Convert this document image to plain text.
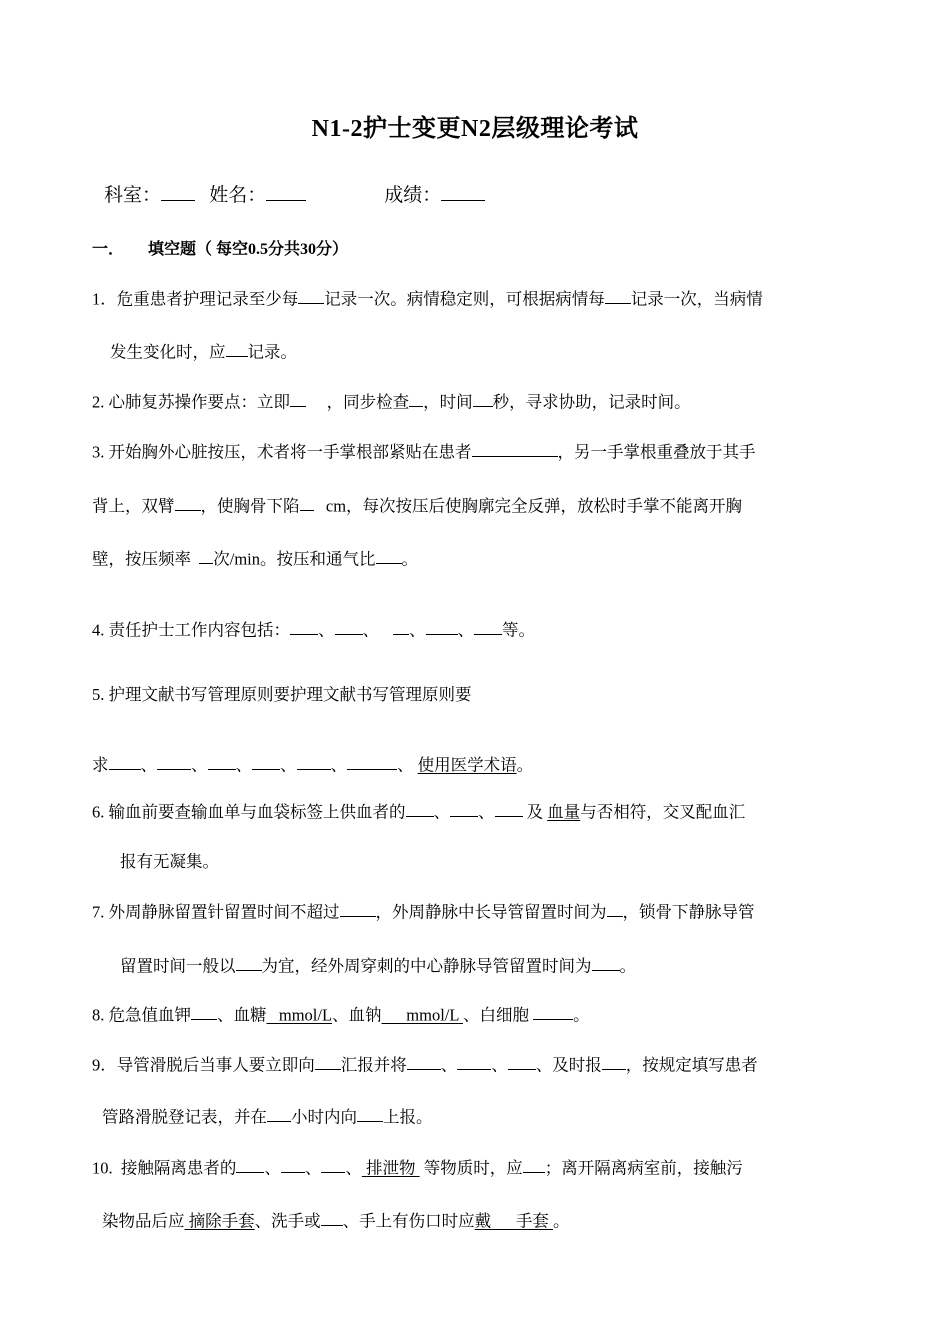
N1-2护士变更N2层级理论考试
科室：	姓名：	成绩：
一．      填空题（ 每空0.5分共30分）
1．危重患者护理记录至少每 记录一次。病情稳定则，可根据病情每 记录一次，当病情
发生变化时，应 记录。
2. 心肺复苏操作要点：立即     ，同步检查 ，时间 秒，寻求协助，记录时间。
3. 开始胸外心脏按压，术者将一手掌根部紧贴在患者	，另一手掌根重叠放于其手
背上，双臂 ，使胸骨下陷   cm，每次按压后使胸廓完全反弹，放松时手掌不能离开胸
壁，按压频率  次/min。按压和通气比 。
4. 责任护士工作内容包括： 、 、 、 、 等。
5. 护理文献书写管理原则要护理文献书写管理原则要
求 、 、 、 、 、	、 使用医学术语。
6. 输血前要查输血单与血袋标签上供血者的 、 、 及 血量与否相符，交叉配血汇
报有无凝集。
7. 外周静脉留置针留置时间不超过 ，外周静脉中长导管留置时间为 ，锁骨下静脉导管
留置时间一般以 为宜，经外周穿刺的中心静脉导管留置时间为 。
8. 危急值血钾 、血糖 mmol/L、血钠 mmol/L 、白细胞 。
9．导管滑脱后当事人要立即向 汇报并将 、 、 、及时报 ，按规定填写患者
管路滑脱登记表，并在 小时内向 上报。
10.  接触隔离患者的 、 、 、 排泄物  等物质时，应 ；离开隔离病室前，接触污
染物品后应 摘除手套、洗手或 、手上有伤口时应戴 手套 。
